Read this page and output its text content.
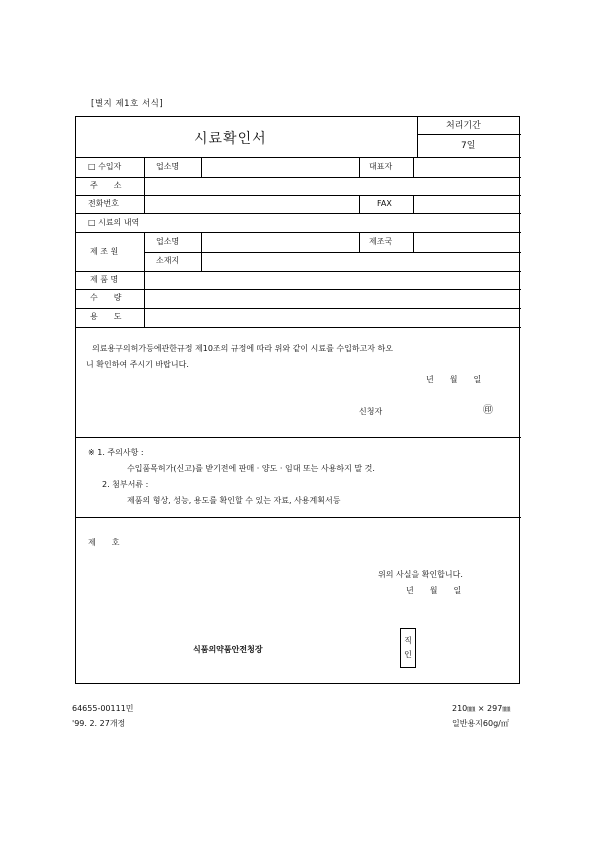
[별지 제1호 서식]
시료확인서
처리기간
7일
□ 수입자	업소명	대표자
주　　소
전화번호	FAX
□ 시료의 내역
제 조 원
업소명	제조국
소재지
제 품 명
수　　량
용　　도
의료용구의허가등에관한규정 제10조의 규정에 따라 위와 같이 시료를 수입하고자 하오
니 확인하여 주시기 바랍니다.
년　　월　　일
신청자	㊞
※ 1. 주의사항 :
수입품목허가(신고)를 받기전에 판매 · 양도 · 임대 또는 사용하지 말 것.
2. 첨부서류 :
제품의 형상, 성능, 용도를 확인할 수 있는 자료, 사용계획서등
제　　호
위의 사실을 확인합니다.
년　　월　　일
식품의약품안전청장
직
인
64655-00111민
'99. 2. 27개정
210㎜ × 297㎜
일반용지60g/㎡
